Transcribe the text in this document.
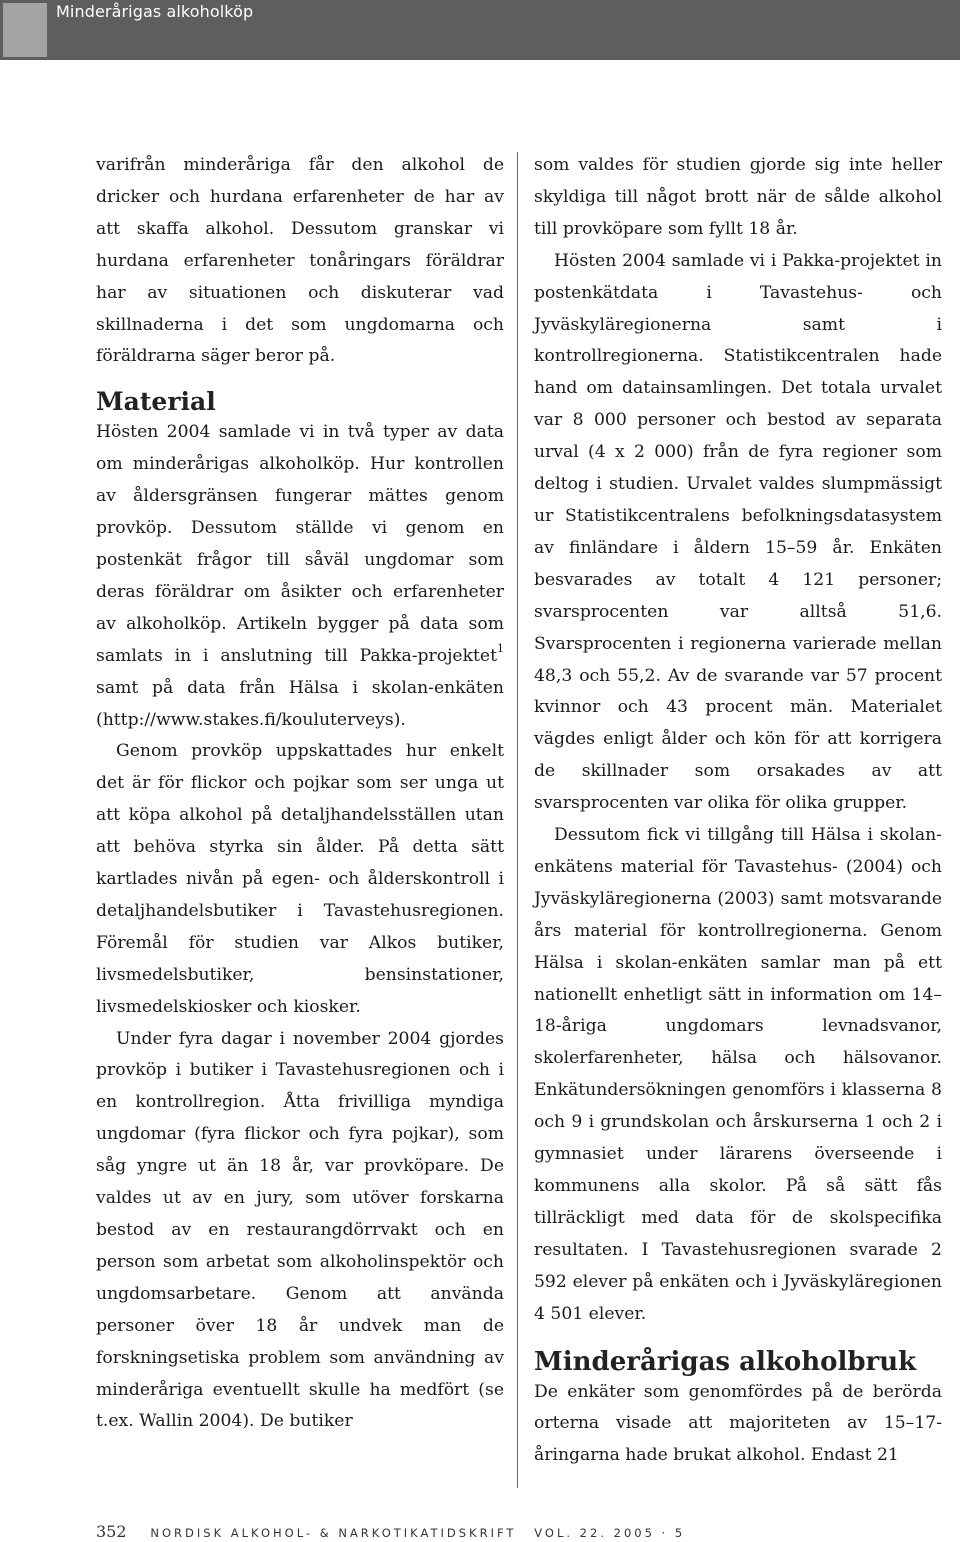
Minderårigas alkoholköp

varifrån minderåriga får den alkohol de dricker och hurdana erfarenheter de har av att skaffa alkohol. Dessutom granskar vi hurdana erfarenheter tonåringars föräldrar har av situationen och diskuterar vad skillnaderna i det som ungdomarna och föräldrarna säger beror på.

Material

Hösten 2004 samlade vi in två typer av data om minderårigas alkoholköp. Hur kontrollen av åldersgränsen fungerar mättes genom provköp. Dessutom ställde vi genom en postenkät frågor till såväl ungdomar som deras föräldrar om åsikter och erfarenheter av alkoholköp. Artikeln bygger på data som samlats in i anslutning till Pakka-projektet$^1$ samt på data från Hälsa i skolan-enkäten (http://www.stakes.fi/kouluterveys).

Genom provköp uppskattades hur enkelt det är för flickor och pojkar som ser unga ut att köpa alkohol på detaljhandelsställen utan att behöva styrka sin ålder. På detta sätt kartlades nivån på egen- och ålderskontroll i detaljhandelsbutiker i Tavastehusregionen. Föremål för studien var Alkos butiker, livsmedelsbutiker, bensinstationer, livsmedelskiosker och kiosker.

Under fyra dagar i november 2004 gjordes provköp i butiker i Tavastehusregionen och i en kontrollregion. Åtta frivilliga myndiga ungdomar (fyra flickor och fyra pojkar), som såg yngre ut än 18 år, var provköpare. De valdes ut av en jury, som utöver forskarna bestod av en restaurangdörrvakt och en person som arbetat som alkoholinspektör och ungdomsarbetare. Genom att använda personer över 18 år undvek man de forskningsetiska problem som användning av minderåriga eventuellt skulle ha medfört (se t.ex. Wallin 2004). De butiker

som valdes för studien gjorde sig inte heller skyldiga till något brott när de sålde alkohol till provköpare som fyllt 18 år.

Hösten 2004 samlade vi i Pakka-projektet in postenkätdata i Tavastehus- och Jyväskyläregionerna samt i kontrollregionerna. Statistikcentralen hade hand om datainsamlingen. Det totala urvalet var 8 000 personer och bestod av separata urval (4 x 2 000) från de fyra regioner som deltog i studien. Urvalet valdes slumpmässigt ur Statistikcentralens befolkningsdatasystem av finländare i åldern 15–59 år. Enkäten besvarades av totalt 4 121 personer; svarsprocenten var alltså 51,6. Svarsprocenten i regionerna varierade mellan 48,3 och 55,2. Av de svarande var 57 procent kvinnor och 43 procent män. Materialet vägdes enligt ålder och kön för att korrigera de skillnader som orsakades av att svarsprocenten var olika för olika grupper.

Dessutom fick vi tillgång till Hälsa i skolan-enkätens material för Tavastehus- (2004) och Jyväskyläregionerna (2003) samt motsvarande års material för kontrollregionerna. Genom Hälsa i skolan-enkäten samlar man på ett nationellt enhetligt sätt in information om 14–18-åriga ungdomars levnadsvanor, skolerfarenheter, hälsa och hälsovanor. Enkätundersökningen genomförs i klasserna 8 och 9 i grundskolan och årskurserna 1 och 2 i gymnasiet under lärarens överseende i kommunens alla skolor. På så sätt fås tillräckligt med data för de skolspecifika resultaten. I Tavastehusregionen svarade 2 592 elever på enkäten och i Jyväskyläregionen 4 501 elever.

Minderårigas alkoholbruk

De enkäter som genomfördes på de berörda orterna visade att majoriteten av 15–17-åringarna hade brukat alkohol. Endast 21

352 NORDISK ALKOHOL- & NARKOTIKATIDSKRIFT VOL. 22. 2005 · 5
